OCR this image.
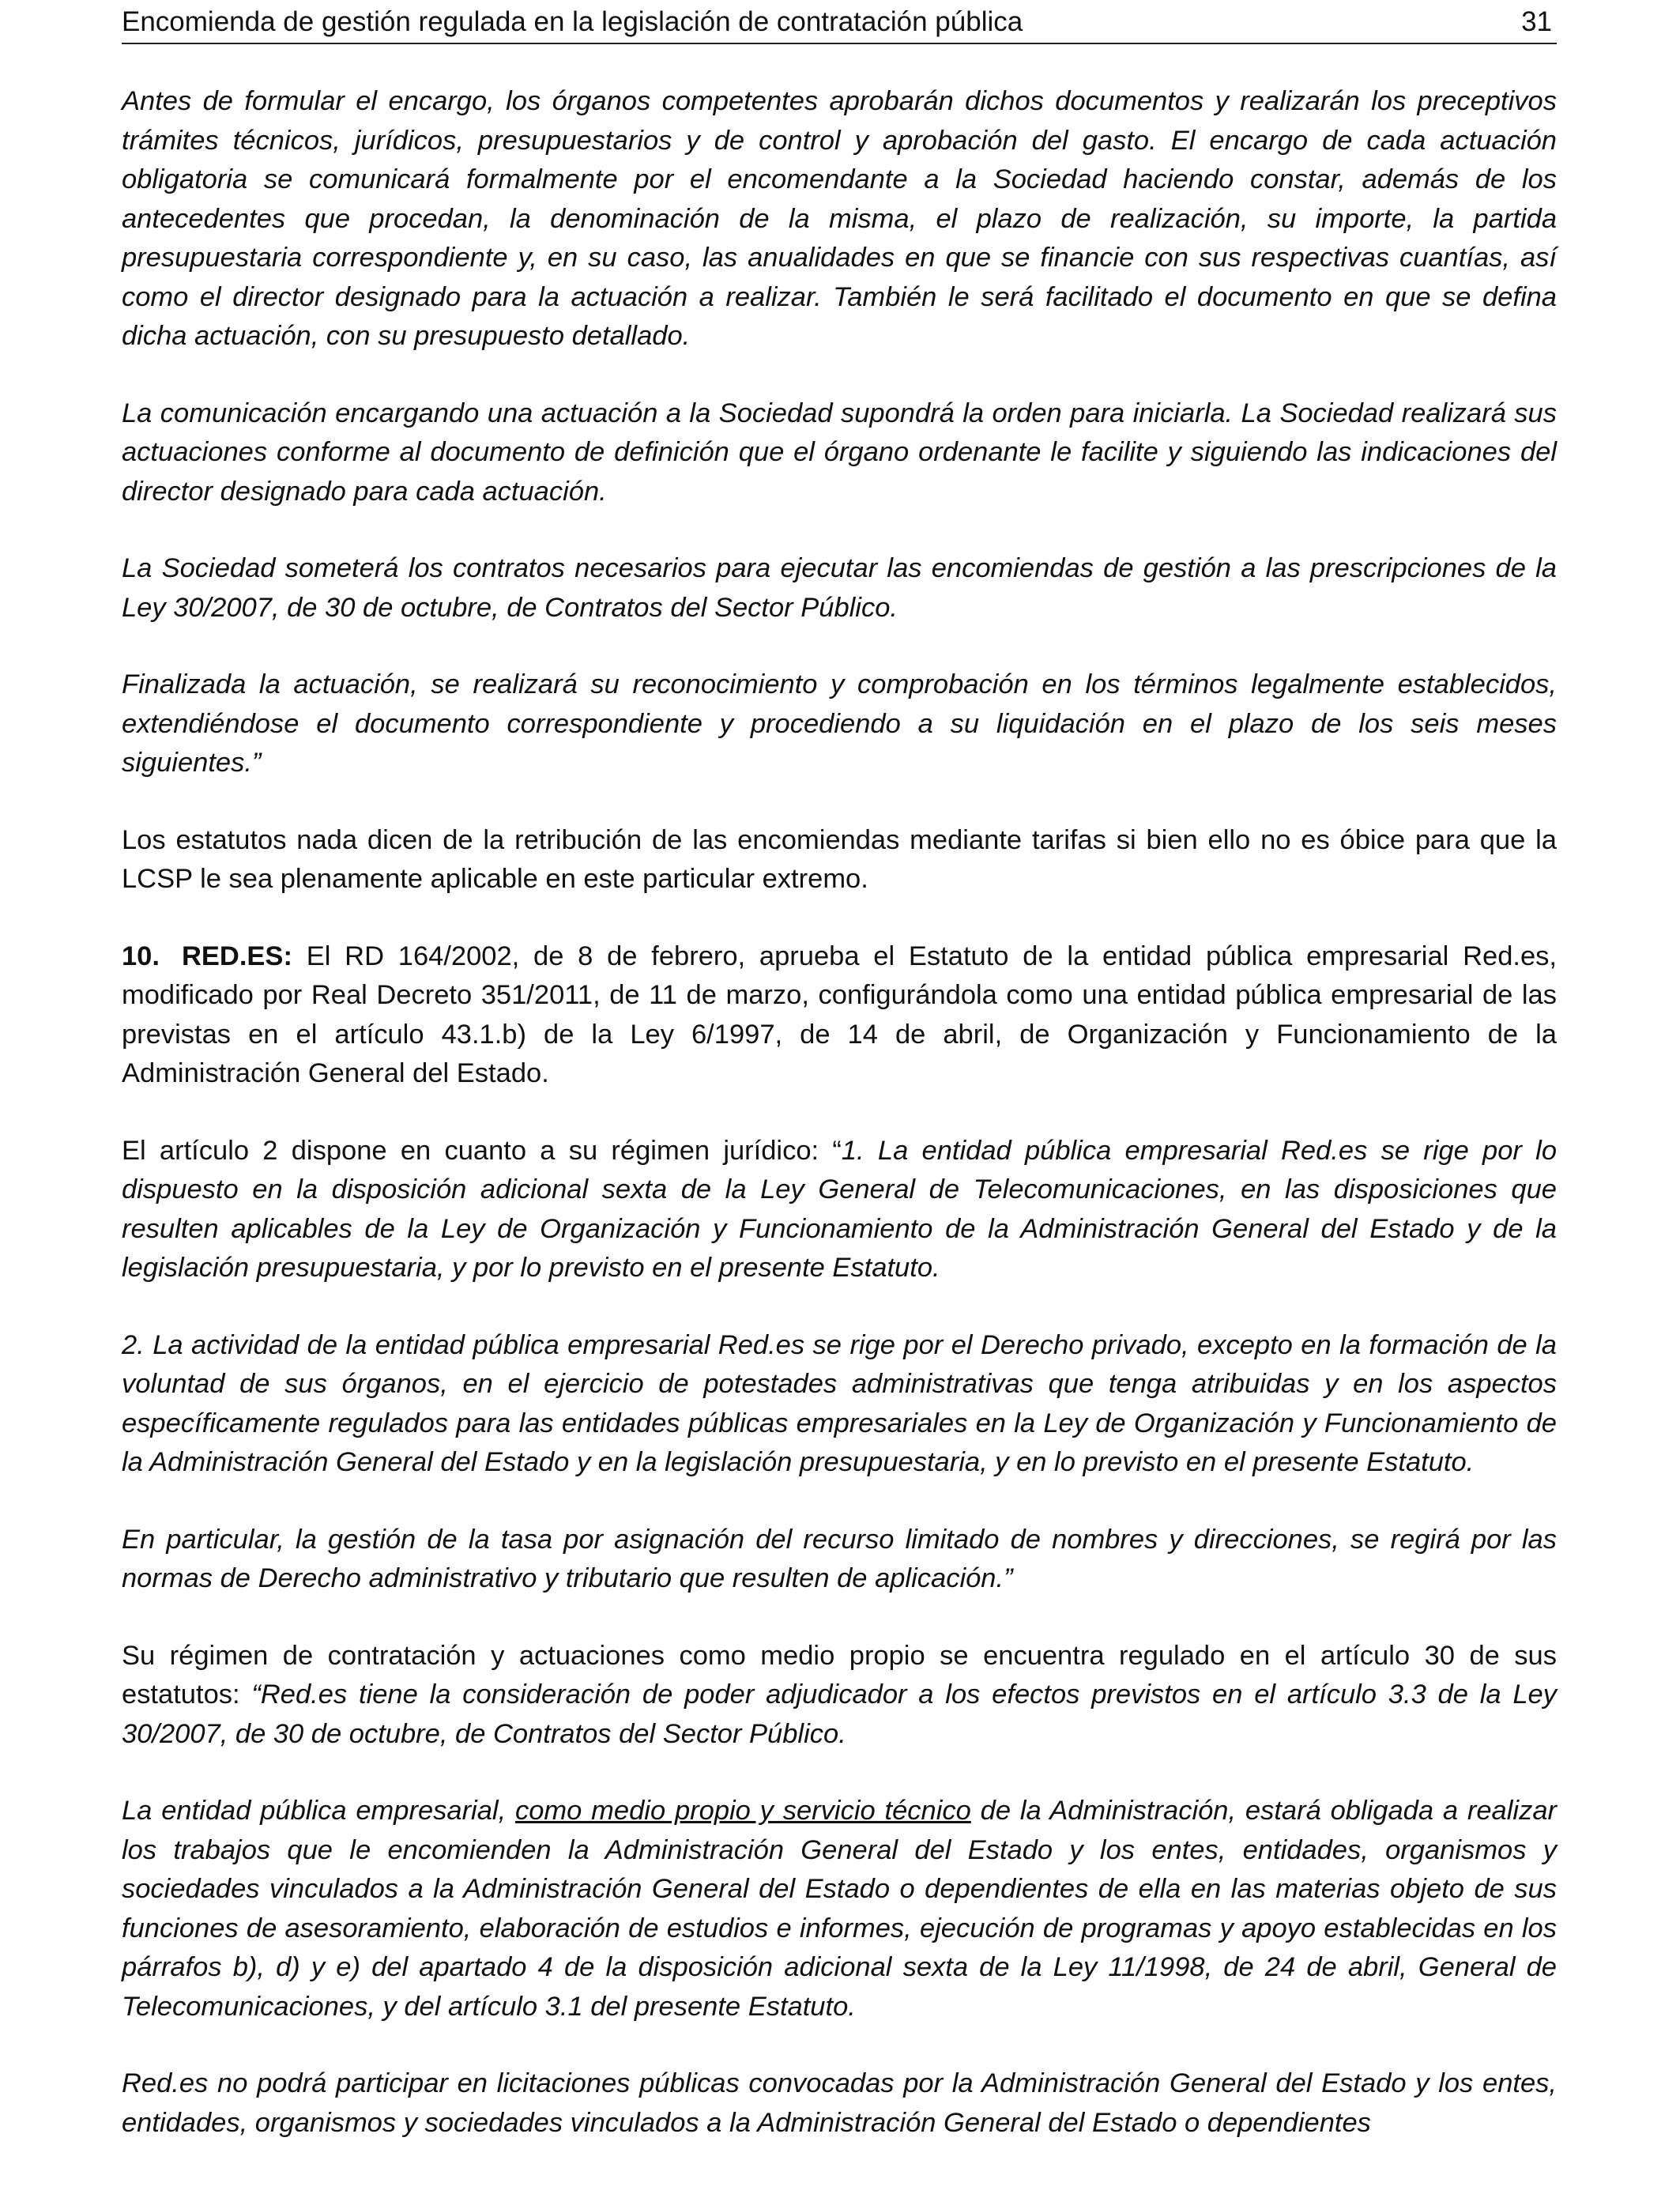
Encomienda de gestión regulada en la legislación de contratación pública	31

Antes de formular el encargo, los órganos competentes aprobarán dichos documentos y realizarán los preceptivos trámites técnicos, jurídicos, presupuestarios y de control y aprobación del gasto. El encargo de cada actuación obligatoria se comunicará formalmente por el encomendante a la Sociedad haciendo constar, además de los antecedentes que procedan, la denominación de la misma, el plazo de realización, su importe, la partida presupuestaria correspondiente y, en su caso, las anualidades en que se financie con sus respectivas cuantías, así como el director designado para la actuación a realizar. También le será facilitado el documento en que se defina dicha actuación, con su presupuesto detallado.

La comunicación encargando una actuación a la Sociedad supondrá la orden para iniciarla. La Sociedad realizará sus actuaciones conforme al documento de definición que el órgano ordenante le facilite y siguiendo las indicaciones del director designado para cada actuación.

La Sociedad someterá los contratos necesarios para ejecutar las encomiendas de gestión a las prescripciones de la Ley 30/2007, de 30 de octubre, de Contratos del Sector Público.

Finalizada la actuación, se realizará su reconocimiento y comprobación en los términos legalmente establecidos, extendiéndose el documento correspondiente y procediendo a su liquidación en el plazo de los seis meses siguientes.”

Los estatutos nada dicen de la retribución de las encomiendas mediante tarifas si bien ello no es óbice para que la LCSP le sea plenamente aplicable en este particular extremo.

10. RED.ES: El RD 164/2002, de 8 de febrero, aprueba el Estatuto de la entidad pública empresarial Red.es, modificado por Real Decreto 351/2011, de 11 de marzo, configurándola como una entidad pública empresarial de las previstas en el artículo 43.1.b) de la Ley 6/1997, de 14 de abril, de Organización y Funcionamiento de la Administración General del Estado.

El artículo 2 dispone en cuanto a su régimen jurídico: “1. La entidad pública empresarial Red.es se rige por lo dispuesto en la disposición adicional sexta de la Ley General de Telecomunicaciones, en las disposiciones que resulten aplicables de la Ley de Organización y Funcionamiento de la Administración General del Estado y de la legislación presupuestaria, y por lo previsto en el presente Estatuto.

2. La actividad de la entidad pública empresarial Red.es se rige por el Derecho privado, excepto en la formación de la voluntad de sus órganos, en el ejercicio de potestades administrativas que tenga atribuidas y en los aspectos específicamente regulados para las entidades públicas empresariales en la Ley de Organización y Funcionamiento de la Administración General del Estado y en la legislación presupuestaria, y en lo previsto en el presente Estatuto.

En particular, la gestión de la tasa por asignación del recurso limitado de nombres y direcciones, se regirá por las normas de Derecho administrativo y tributario que resulten de aplicación.”

Su régimen de contratación y actuaciones como medio propio se encuentra regulado en el artículo 30 de sus estatutos: “Red.es tiene la consideración de poder adjudicador a los efectos previstos en el artículo 3.3 de la Ley 30/2007, de 30 de octubre, de Contratos del Sector Público.

La entidad pública empresarial, como medio propio y servicio técnico de la Administración, estará obligada a realizar los trabajos que le encomienden la Administración General del Estado y los entes, entidades, organismos y sociedades vinculados a la Administración General del Estado o dependientes de ella en las materias objeto de sus funciones de asesoramiento, elaboración de estudios e informes, ejecución de programas y apoyo establecidas en los párrafos b), d) y e) del apartado 4 de la disposición adicional sexta de la Ley 11/1998, de 24 de abril, General de Telecomunicaciones, y del artículo 3.1 del presente Estatuto.

Red.es no podrá participar en licitaciones públicas convocadas por la Administración General del Estado y los entes, entidades, organismos y sociedades vinculados a la Administración General del Estado o dependientes
